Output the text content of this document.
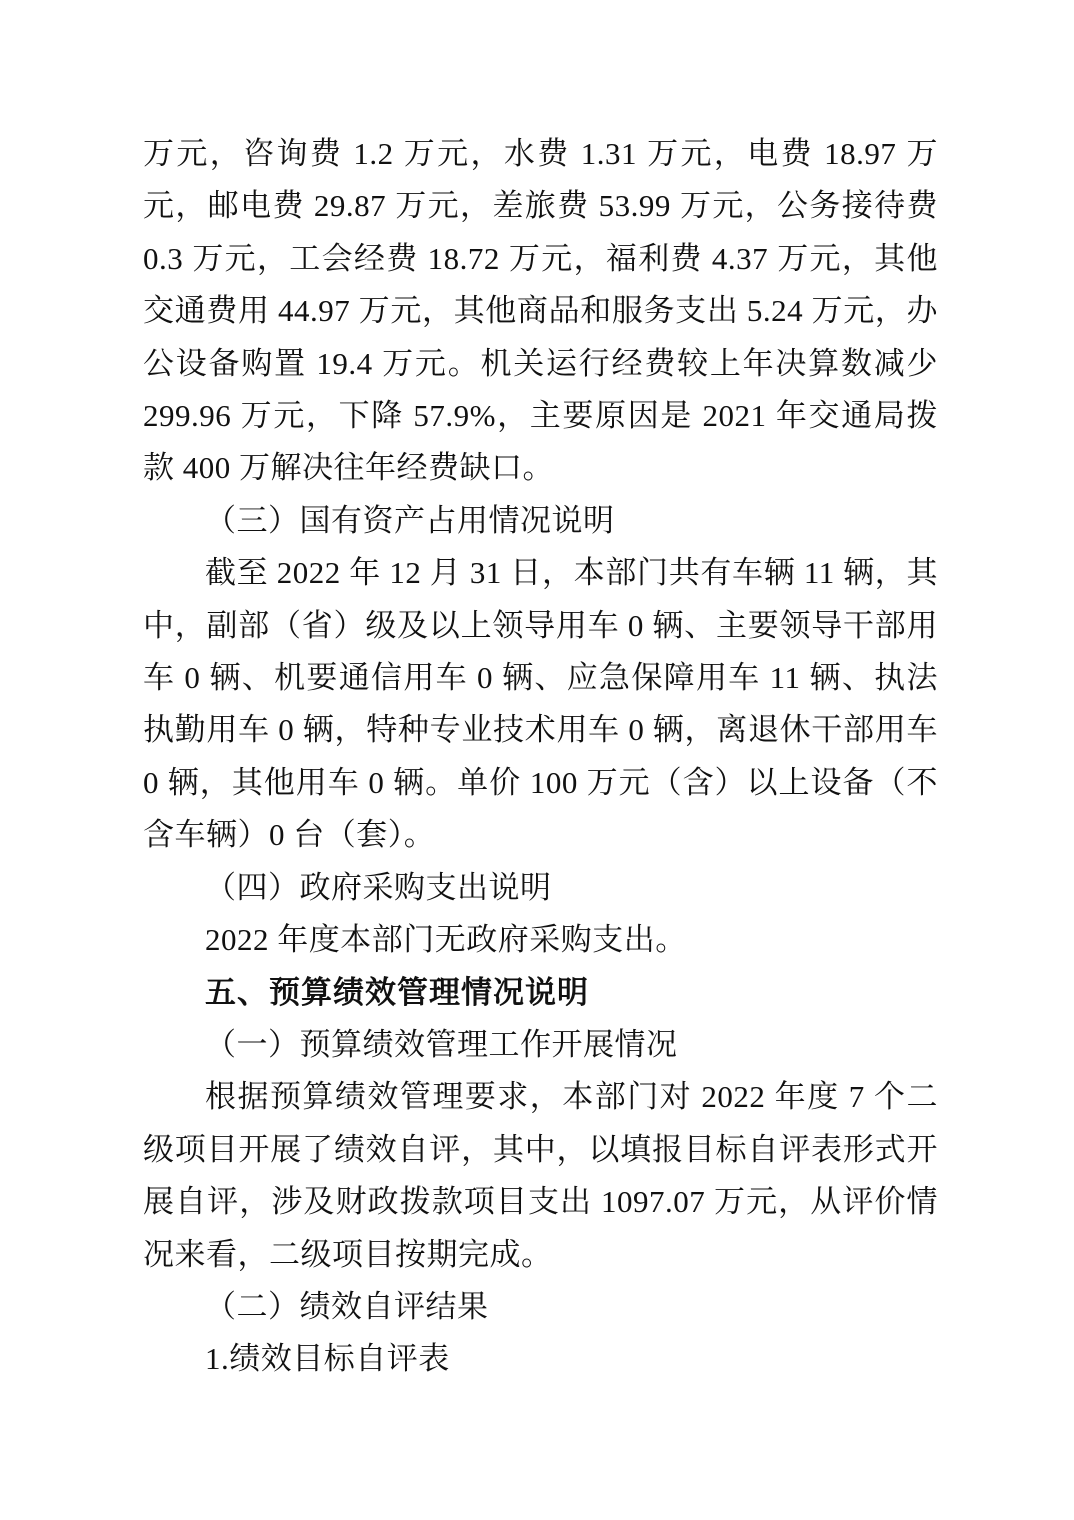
万元，咨询费 1.2 万元，水费 1.31 万元，电费 18.97 万元，邮电费 29.87 万元，差旅费 53.99 万元，公务接待费 0.3 万元，工会经费 18.72 万元，福利费 4.37 万元，其他交通费用 44.97 万元，其他商品和服务支出 5.24 万元，办公设备购置 19.4 万元。机关运行经费较上年决算数减少 299.96 万元，下降 57.9%，主要原因是 2021 年交通局拨款 400 万解决往年经费缺口。

（三）国有资产占用情况说明

截至 2022 年 12 月 31 日，本部门共有车辆 11 辆，其中，副部（省）级及以上领导用车 0 辆、主要领导干部用车 0 辆、机要通信用车 0 辆、应急保障用车 11 辆、执法执勤用车 0 辆，特种专业技术用车 0 辆，离退休干部用车 0 辆，其他用车 0 辆。单价 100 万元（含）以上设备（不含车辆）0 台（套）。

（四）政府采购支出说明

2022 年度本部门无政府采购支出。

五、预算绩效管理情况说明

（一）预算绩效管理工作开展情况

根据预算绩效管理要求，本部门对 2022 年度 7 个二级项目开展了绩效自评，其中，以填报目标自评表形式开展自评，涉及财政拨款项目支出 1097.07 万元，从评价情况来看，二级项目按期完成。

（二）绩效自评结果

1.绩效目标自评表
